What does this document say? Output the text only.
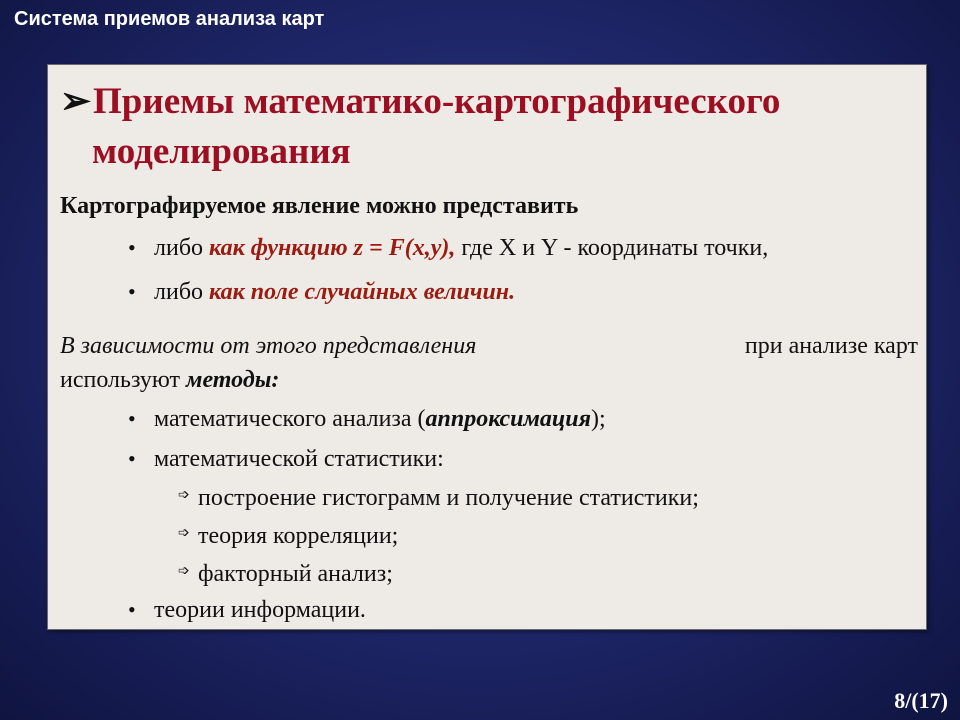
Система приемов анализа карт
➢Приемы математико-картографического
моделирования
Картографируемое явление можно представить
• либо как функцию z = F(x,y), где X и Y - координаты точки,
• либо как поле случайных величин.
В зависимости от этого представления	при анализе карт
используют методы:
• математического анализа (аппроксимация);
• математической статистики:
➩ построение гистограмм и получение статистики;
➩ теория корреляции;
➩ факторный анализ;
• теории информации.
8/(17)
